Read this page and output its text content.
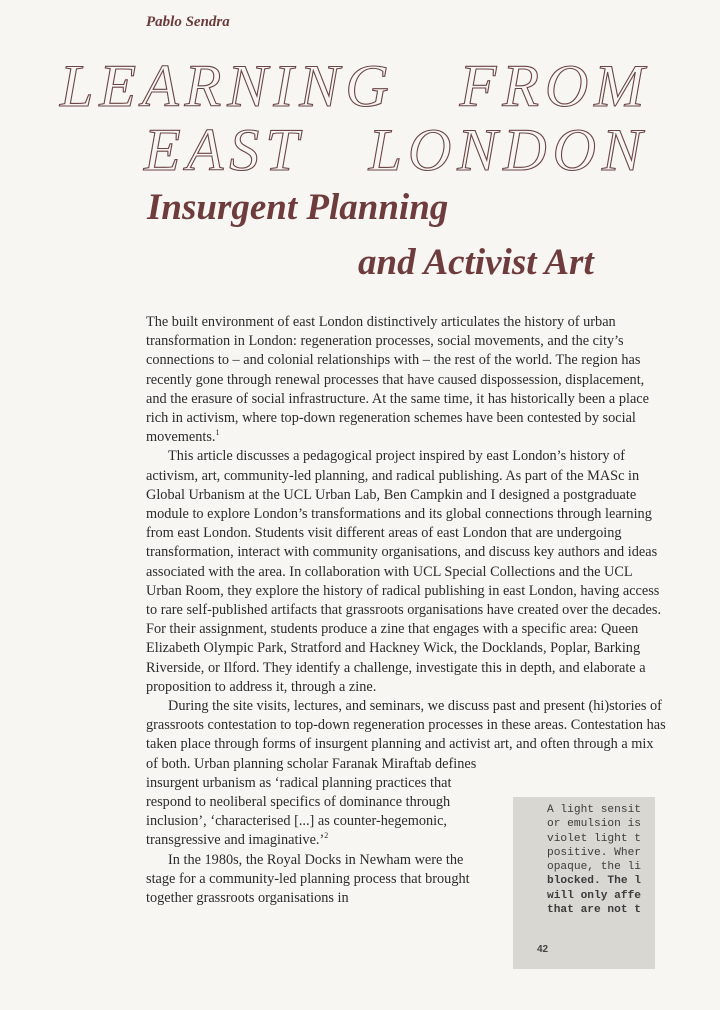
Pablo Sendra
LEARNING FROM
EAST LONDON
Insurgent Planning
and Activist Art

The built environment of east London distinctively articulates the history of urban transformation in London: regeneration processes, social movements, and the city’s connections to – and colonial relationships with – the rest of the world. The region has recently gone through renewal processes that have caused dispossession, displacement, and the erasure of social infrastructure. At the same time, it has historically been a place rich in activism, where top-down regeneration schemes have been contested by social movements.$^1$

This article discusses a pedagogical project inspired by east London’s history of activism, art, community-led planning, and radical publishing. As part of the MASc in Global Urbanism at the UCL Urban Lab, Ben Campkin and I designed a postgraduate module to explore London’s transformations and its global connections through learning from east London. Students visit different areas of east London that are undergoing transformation, interact with community organisations, and discuss key authors and ideas associated with the area. In collaboration with UCL Special Collections and the UCL Urban Room, they explore the history of radical publishing in east London, having access to rare self-published artifacts that grassroots organisations have created over the decades. For their assignment, students produce a zine that engages with a specific area: Queen Elizabeth Olympic Park, Stratford and Hackney Wick, the Docklands, Poplar, Barking Riverside, or Ilford. They identify a challenge, investigate this in depth, and elaborate a proposition to address it, through a zine.

During the site visits, lectures, and seminars, we discuss past and present (hi)stories of grassroots contestation to top-down regeneration processes in these areas. Contestation has taken place through forms of insurgent planning and activist art, and often through a mix

of both. Urban planning scholar Faranak Miraftab defines insurgent urbanism as ‘radical planning practices that respond to neoliberal specifics of dominance through inclusion’, ‘characterised [...] as counter-hegemonic, transgressive and imaginative.’$^2$

In the 1980s, the Royal Docks in Newham were the stage for a community-led planning process that brought together grassroots organisations in

A light sensit
or emulsion is
violet light t
positive. Wher
opaque, the li
blocked. The l
will only affe
that are not t
42
